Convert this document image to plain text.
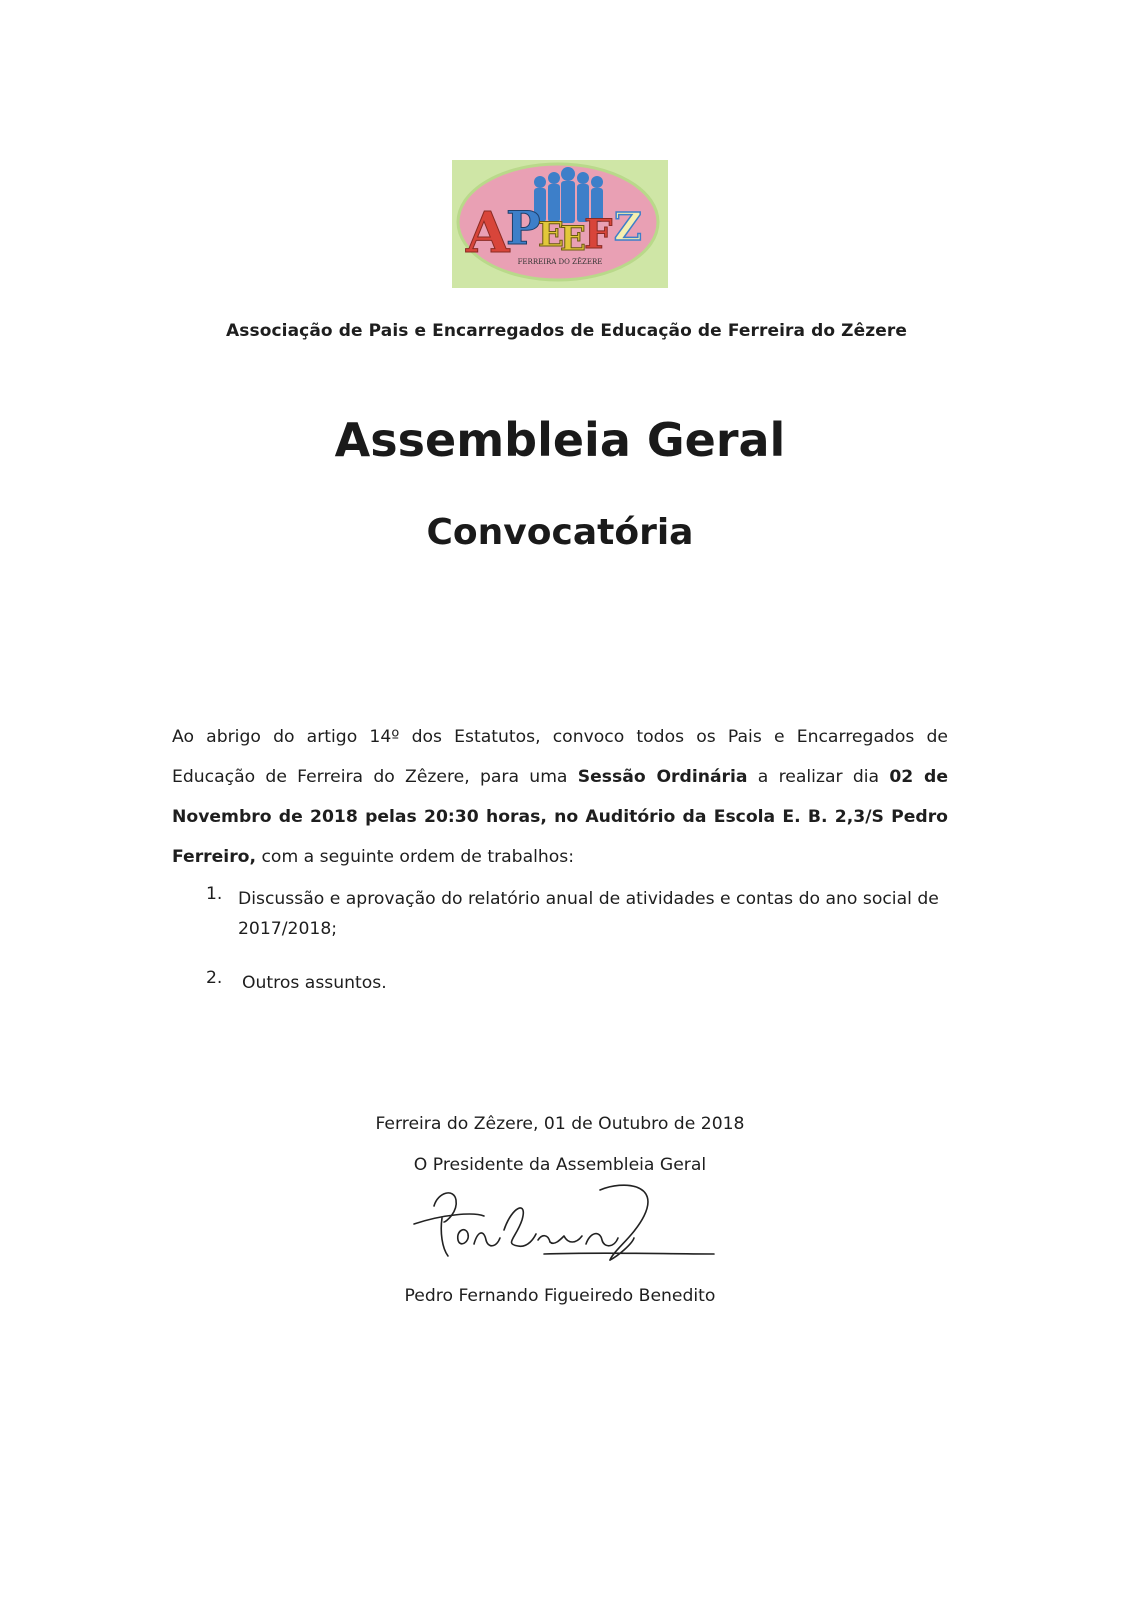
A
P
E
E
F Z
FERREIRA DO ZÊZERE
Associação de Pais e Encarregados de Educação de Ferreira do Zêzere
Assembleia Geral
Convocatória
Ao abrigo do artigo 14º dos Estatutos, convoco todos os Pais e Encarregados de Educação de Ferreira do Zêzere, para uma Sessão Ordinária a realizar dia 02 de Novembro de 2018 pelas 20:30 horas, no Auditório da Escola E. B. 2,3/S Pedro Ferreiro, com a seguinte ordem de trabalhos:
1. Discussão e aprovação do relatório anual de atividades e contas do ano social de 2017/2018;
2. Outros assuntos.
Ferreira do Zêzere, 01 de Outubro de 2018
O Presidente da Assembleia Geral
Pedro Fernando Figueiredo Benedito
